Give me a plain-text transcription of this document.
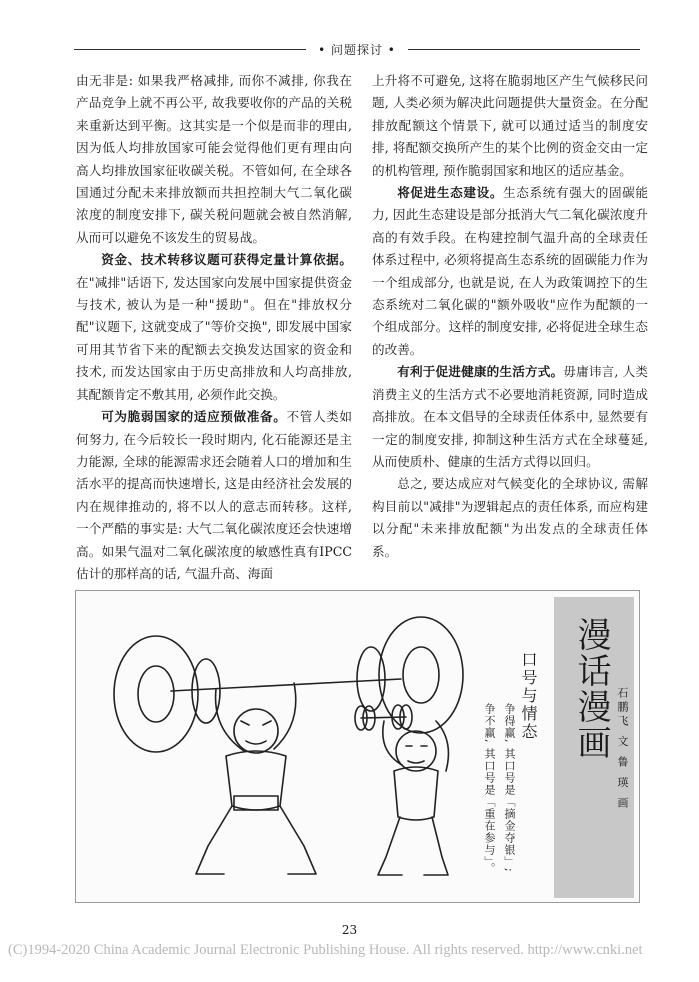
• 问题探讨 •

由无非是: 如果我严格减排, 而你不减排, 你我在产品竞争上就不再公平, 故我要收你的产品的关税来重新达到平衡。这其实是一个似是而非的理由, 因为低人均排放国家可能会觉得他们更有理由向高人均排放国家征收碳关税。不管如何, 在全球各国通过分配未来排放额而共担控制大气二氧化碳浓度的制度安排下, 碳关税问题就会被自然消解, 从而可以避免不该发生的贸易战。

资金、技术转移议题可获得定量计算依据。在"减排"话语下, 发达国家向发展中国家提供资金与技术, 被认为是一种"援助"。但在"排放权分配"议题下, 这就变成了"等价交换", 即发展中国家可用其节省下来的配额去交换发达国家的资金和技术, 而发达国家由于历史高排放和人均高排放, 其配额肯定不敷其用, 必须作此交换。

可为脆弱国家的适应预做准备。不管人类如何努力, 在今后较长一段时期内, 化石能源还是主力能源, 全球的能源需求还会随着人口的增加和生活水平的提高而快速增长, 这是由经济社会发展的内在规律推动的, 将不以人的意志而转移。这样, 一个严酷的事实是: 大气二氧化碳浓度还会快速增高。如果气温对二氧化碳浓度的敏感性真有IPCC估计的那样高的话, 气温升高、海面

上升将不可避免, 这将在脆弱地区产生气候移民问题, 人类必须为解决此问题提供大量资金。在分配排放配额这个情景下, 就可以通过适当的制度安排, 将配额交换所产生的某个比例的资金交由一定的机构管理, 预作脆弱国家和地区的适应基金。

将促进生态建设。生态系统有强大的固碳能力, 因此生态建设是部分抵消大气二氧化碳浓度升高的有效手段。在构建控制气温升高的全球责任体系过程中, 必须将提高生态系统的固碳能力作为一个组成部分, 也就是说, 在人为政策调控下的生态系统对二氧化碳的"额外吸收"应作为配额的一个组成部分。这样的制度安排, 必将促进全球生态的改善。

有利于促进健康的生活方式。毋庸讳言, 人类消费主义的生活方式不必要地消耗资源, 同时造成高排放。在本文倡导的全球责任体系中, 显然要有一定的制度安排, 抑制这种生活方式在全球蔓延, 从而使质朴、健康的生活方式得以回归。

总之, 要达成应对气候变化的全球协议, 需解构目前以"减排"为逻辑起点的责任体系, 而应构建以分配"未来排放配额"为出发点的全球责任体系。

口号与情态
争得赢, 其口号是「摘金夺银」;
争不赢, 其口号是「重在参与」。
漫话漫画 石鹏飞 文 鲁 瑛 画
23
(C)1994-2020 China Academic Journal Electronic Publishing House. All rights reserved. http://www.cnki.net
